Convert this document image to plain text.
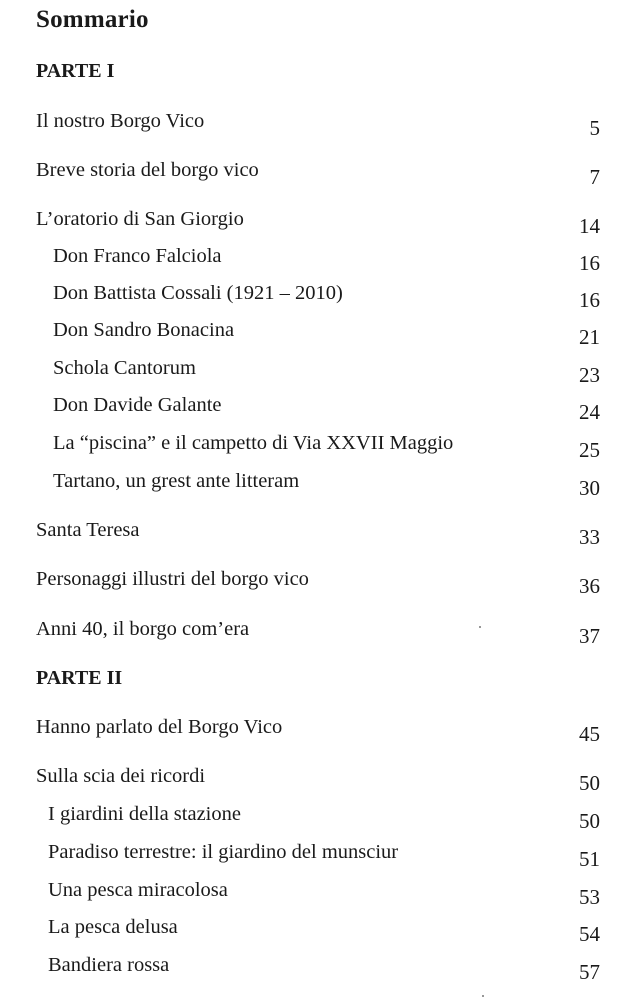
Sommario
PARTE I
Il nostro Borgo Vico	5
Breve storia del borgo vico	7
L’oratorio di San Giorgio	14
Don Franco Falciola	16
Don Battista Cossali (1921 – 2010)	16
Don Sandro Bonacina	21
Schola Cantorum	23
Don Davide Galante	24
La “piscina” e il campetto di Via XXVII Maggio	25
Tartano, un grest ante litteram	30
Santa Teresa	33
Personaggi illustri del borgo vico	36
Anni 40, il borgo com’era	37
PARTE II
Hanno parlato del Borgo Vico	45
Sulla scia dei ricordi	50
I giardini della stazione	50
Paradiso terrestre: il giardino del munsciur	51
Una pesca miracolosa	53
La pesca delusa	54
Bandiera rossa	57
